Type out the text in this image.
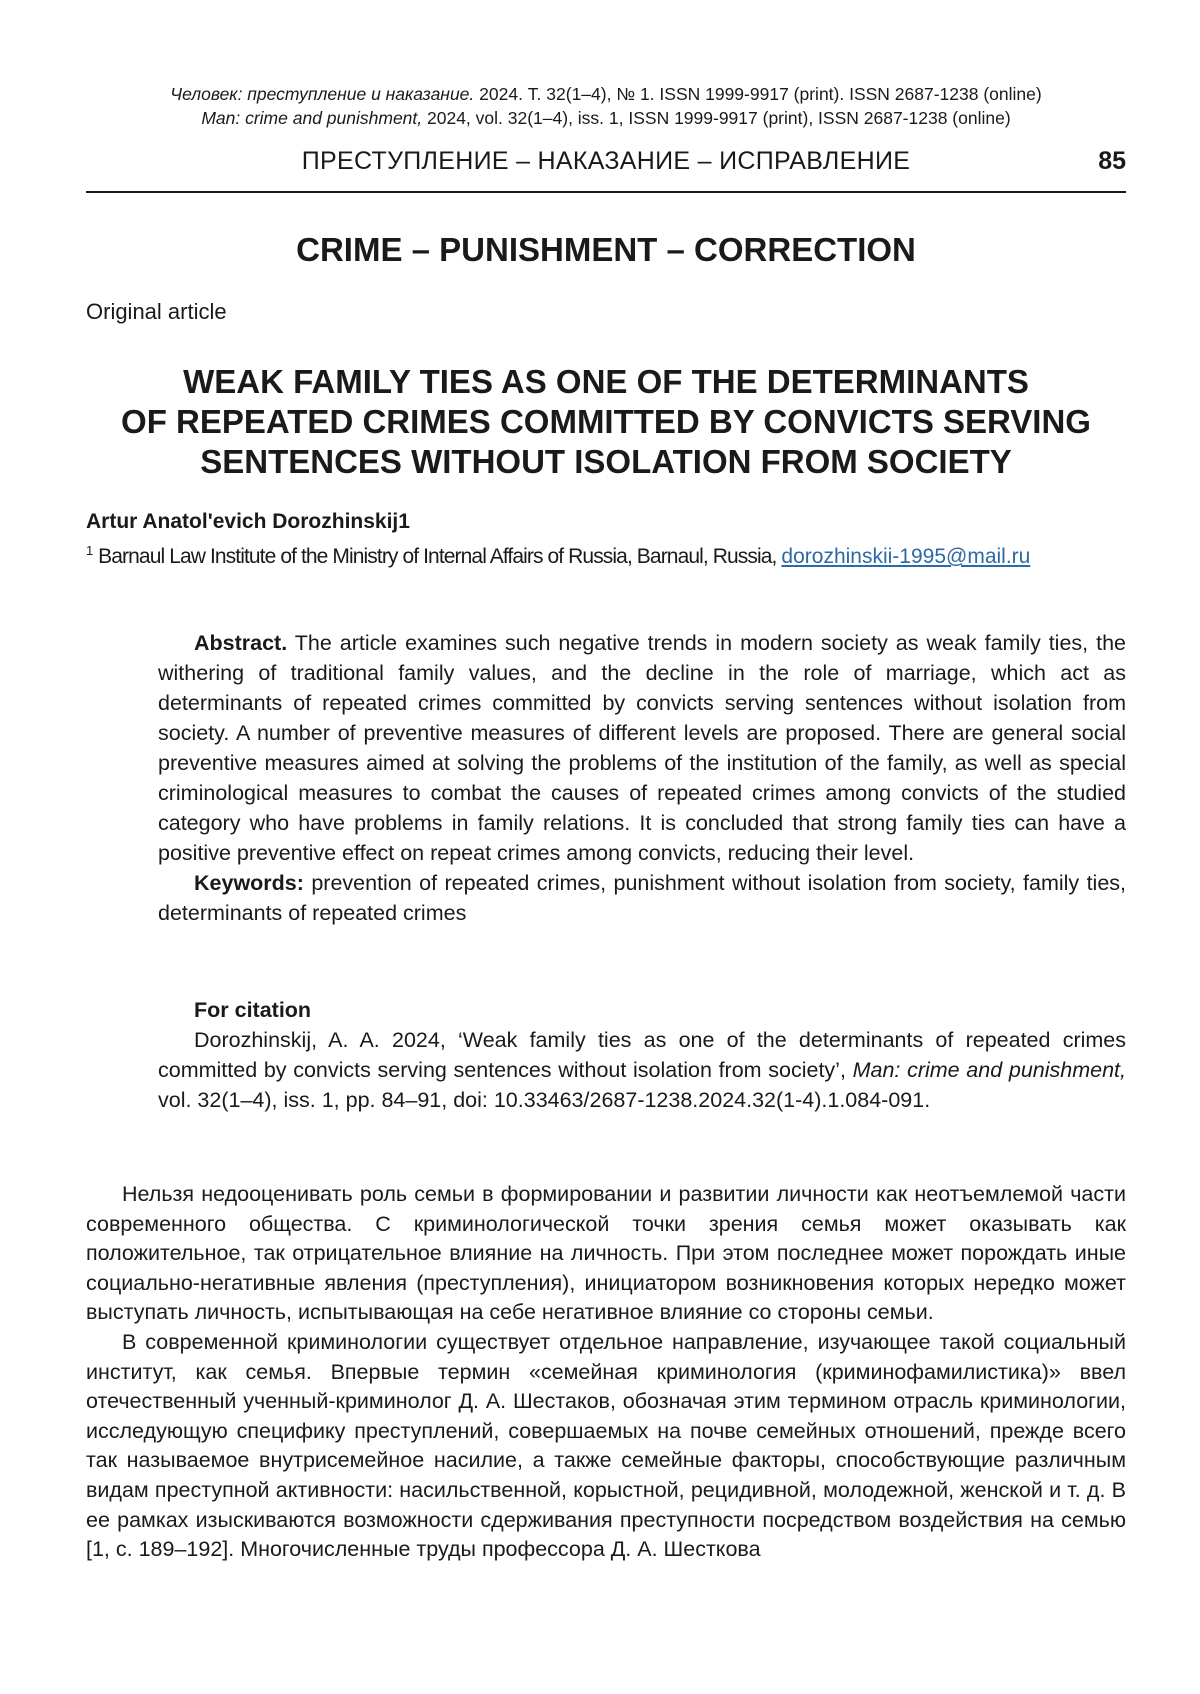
Человек: преступление и наказание. 2024. Т. 32(1–4), № 1. ISSN 1999-9917 (print). ISSN 2687-1238 (online)
Man: crime and punishment, 2024, vol. 32(1–4), iss. 1, ISSN 1999-9917 (print), ISSN 2687-1238 (online)
ПРЕСТУПЛЕНИЕ – НАКАЗАНИЕ – ИСПРАВЛЕНИЕ	85
CRIME – PUNISHMENT – CORRECTION
Original article
WEAK FAMILY TIES AS ONE OF THE DETERMINANTS
OF REPEATED CRIMES COMMITTED BY CONVICTS SERVING
SENTENCES WITHOUT ISOLATION FROM SOCIETY
Artur Anatol'evich Dorozhinskij1
$^1$ Barnaul Law Institute of the Ministry of Internal Affairs of Russia, Barnaul, Russia, dorozhinskii-1995@mail.ru

Abstract. The article examines such negative trends in modern society as weak family ties, the withering of traditional family values, and the decline in the role of marriage, which act as determinants of repeated crimes committed by convicts serving sentences without isolation from society. A number of preventive measures of different levels are proposed. There are general social preventive measures aimed at solving the problems of the institution of the family, as well as special criminological measures to combat the causes of repeated crimes among convicts of the studied category who have problems in family relations. It is concluded that strong family ties can have a positive preventive effect on repeat crimes among convicts, reducing their level.

Keywords: prevention of repeated crimes, punishment without isolation from society, family ties, determinants of repeated crimes

For citation

Dorozhinskij, A. A. 2024, ‘Weak family ties as one of the determinants of repeated crimes committed by convicts serving sentences without isolation from society’, Man: crime and punishment, vol. 32(1–4), iss. 1, pp. 84–91, doi: 10.33463/2687-1238.2024.32(1-4).1.084-091.

Нельзя недооценивать роль семьи в формировании и развитии личности как неотъемлемой части современного общества. С криминологической точки зрения семья может оказывать как положительное, так отрицательное влияние на личность. При этом последнее может порождать иные социально-негативные явления (преступления), инициатором возникновения которых нередко может выступать личность, испытывающая на себе негативное влияние со стороны семьи.

В современной криминологии существует отдельное направление, изучающее такой социальный институт, как семья. Впервые термин «семейная криминология (криминофамилистика)» ввел отечественный ученный-криминолог Д. А. Шестаков, обозначая этим термином отрасль криминологии, исследующую специфику преступлений, совершаемых на почве семейных отношений, прежде всего так называемое внутрисемейное насилие, а также семейные факторы, способствующие различным видам преступной активности: насильственной, корыстной, рецидивной, молодежной, женской и т. д. В ее рамках изыскиваются возможности сдерживания преступности посредством воздействия на семью [1, с. 189–192]. Многочисленные труды профессора Д. А. Шесткова
